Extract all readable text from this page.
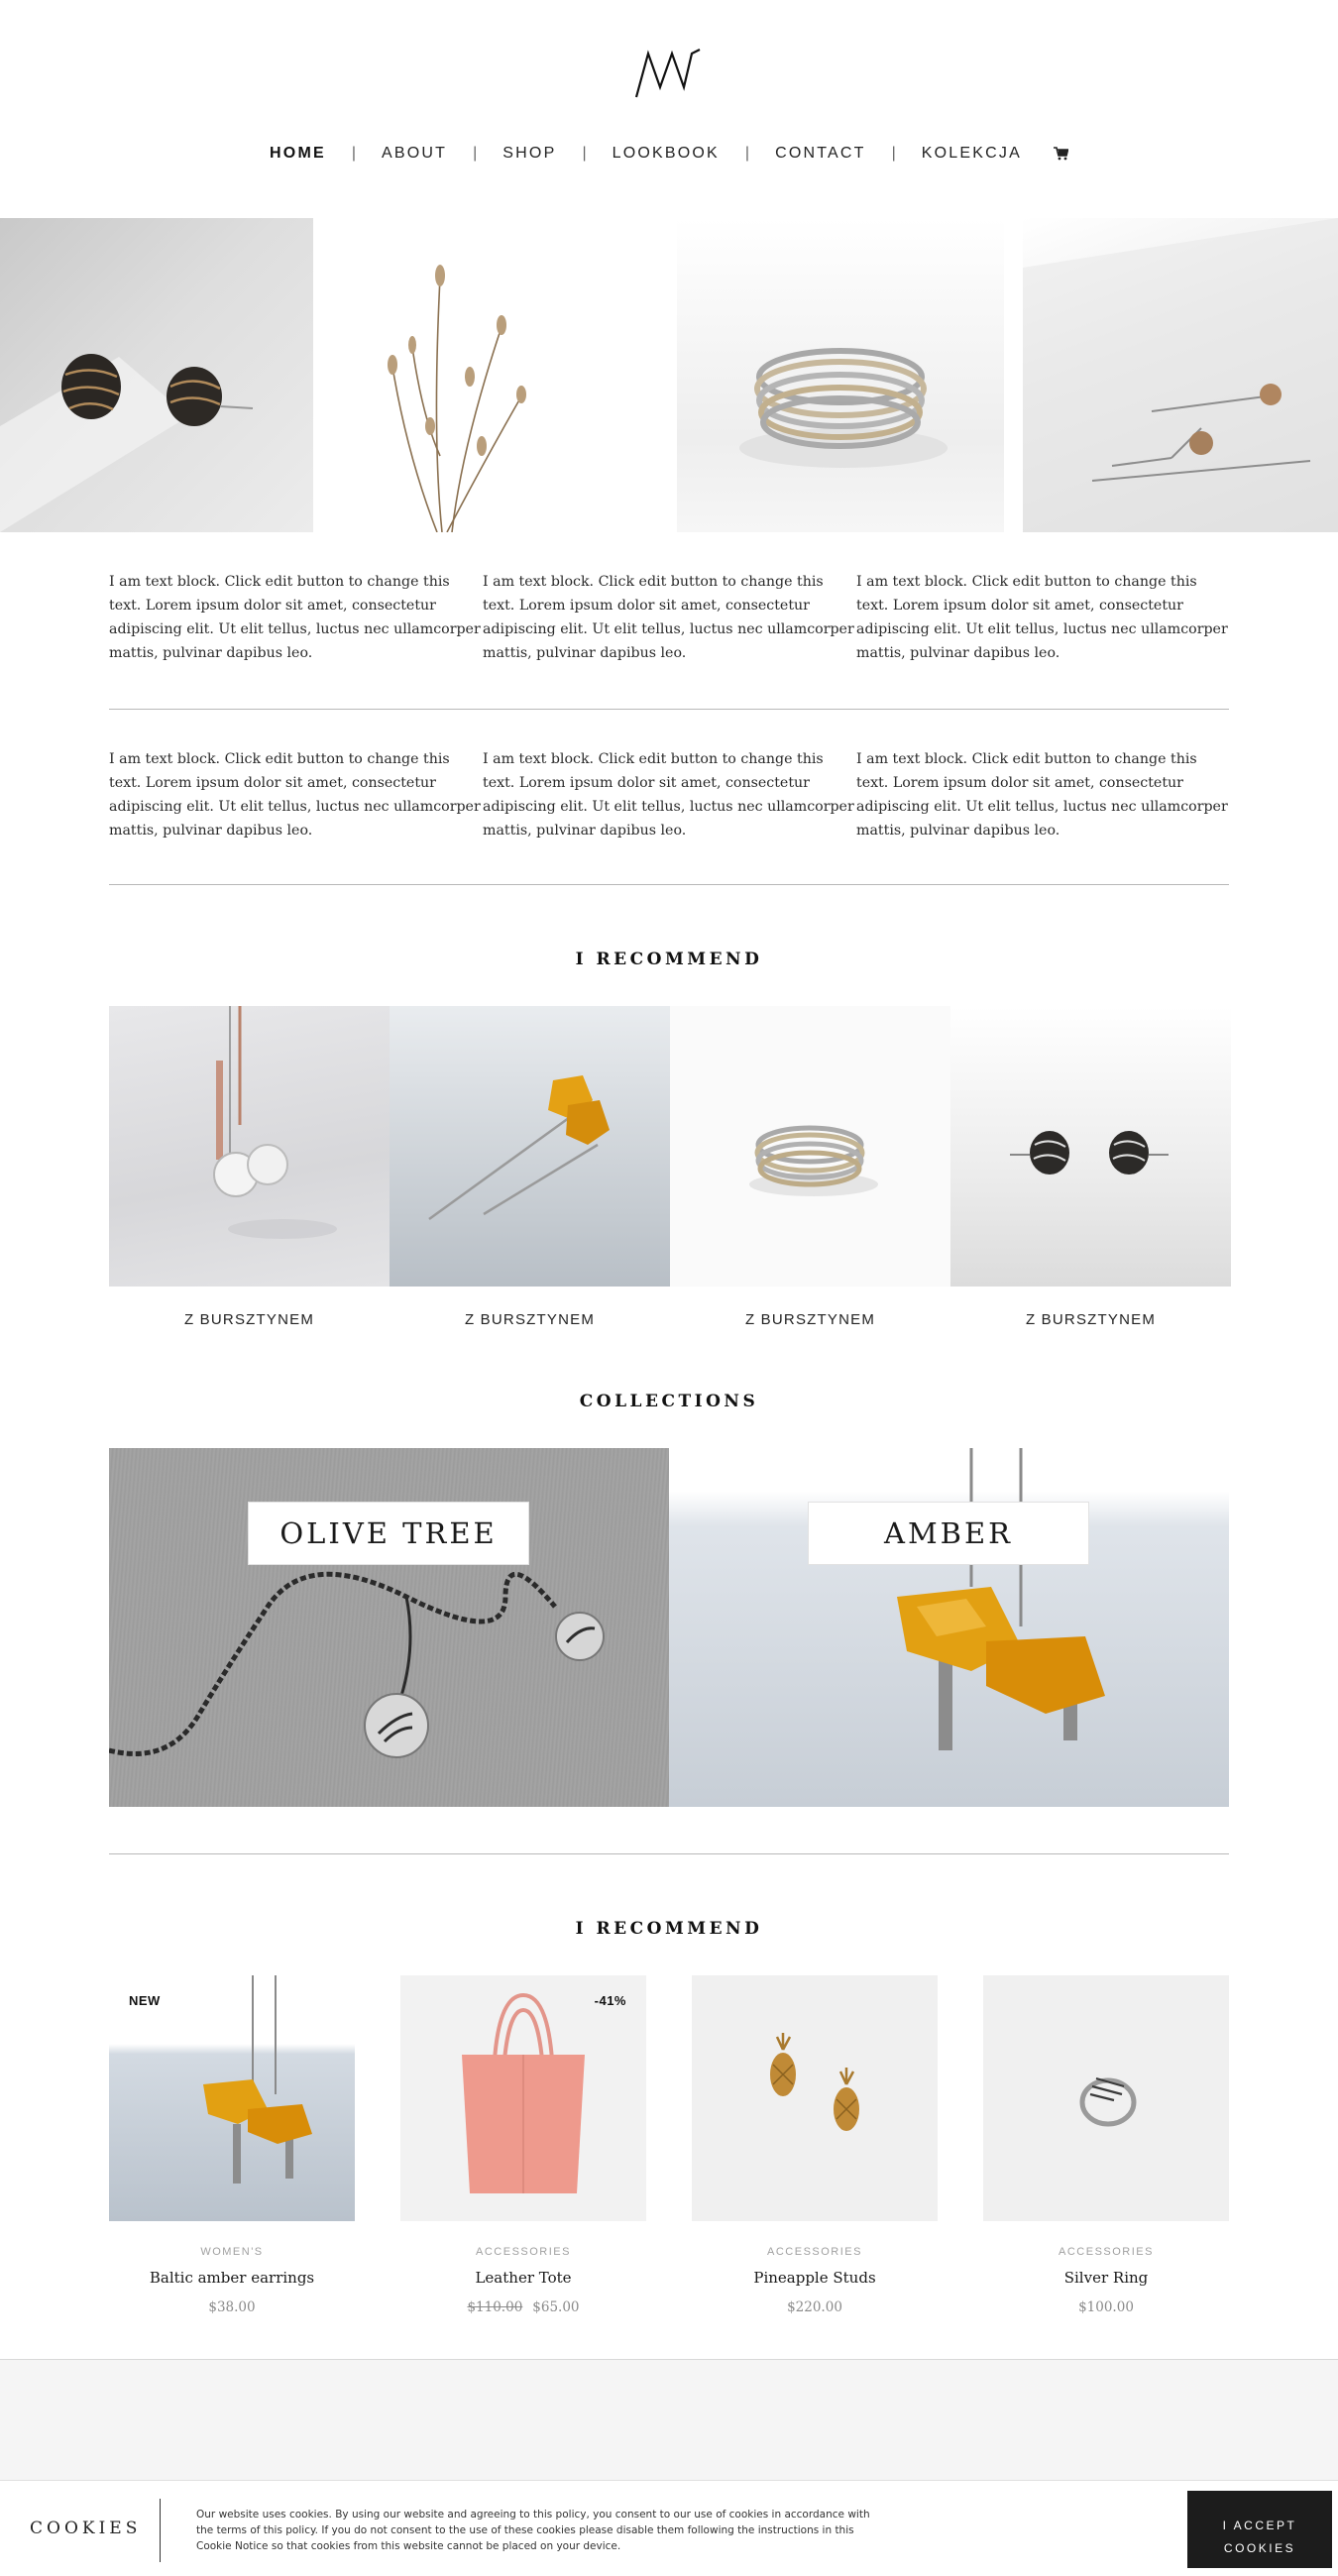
HOME | ABOUT | SHOP | LOOKBOOK | CONTACT | KOLEKCJA

I am text block. Click edit button to change this text. Lorem ipsum dolor sit amet, consectetur adipiscing elit. Ut elit tellus, luctus nec ullamcorper mattis, pulvinar dapibus leo.

I am text block. Click edit button to change this text. Lorem ipsum dolor sit amet, consectetur adipiscing elit. Ut elit tellus, luctus nec ullamcorper mattis, pulvinar dapibus leo.

I am text block. Click edit button to change this text. Lorem ipsum dolor sit amet, consectetur adipiscing elit. Ut elit tellus, luctus nec ullamcorper mattis, pulvinar dapibus leo.

I am text block. Click edit button to change this text. Lorem ipsum dolor sit amet, consectetur adipiscing elit. Ut elit tellus, luctus nec ullamcorper mattis, pulvinar dapibus leo.

I am text block. Click edit button to change this text. Lorem ipsum dolor sit amet, consectetur adipiscing elit. Ut elit tellus, luctus nec ullamcorper mattis, pulvinar dapibus leo.

I am text block. Click edit button to change this text. Lorem ipsum dolor sit amet, consectetur adipiscing elit. Ut elit tellus, luctus nec ullamcorper mattis, pulvinar dapibus leo.

I RECOMMEND

Z BURSZTYNEM	Z BURSZTYNEM	Z BURSZTYNEM	Z BURSZTYNEM

COLLECTIONS
OLIVE TREE	AMBER
I RECOMMEND
NEW	-41%

WOMEN'S	ACCESSORIES	ACCESSORIES	ACCESSORIES

Baltic amber earrings	Leather Tote	Pineapple Studs	Silver Ring

$38.00	$110.00 $65.00	$220.00	$100.00

COOKIES

Our website uses cookies. By using our website and agreeing to this policy, you consent to our use of cookies in accordance with the terms of this policy. If you do not consent to the use of these cookies please disable them following the instructions in this Cookie Notice so that cookies from this website cannot be placed on your device.

I ACCEPT
COOKIES
